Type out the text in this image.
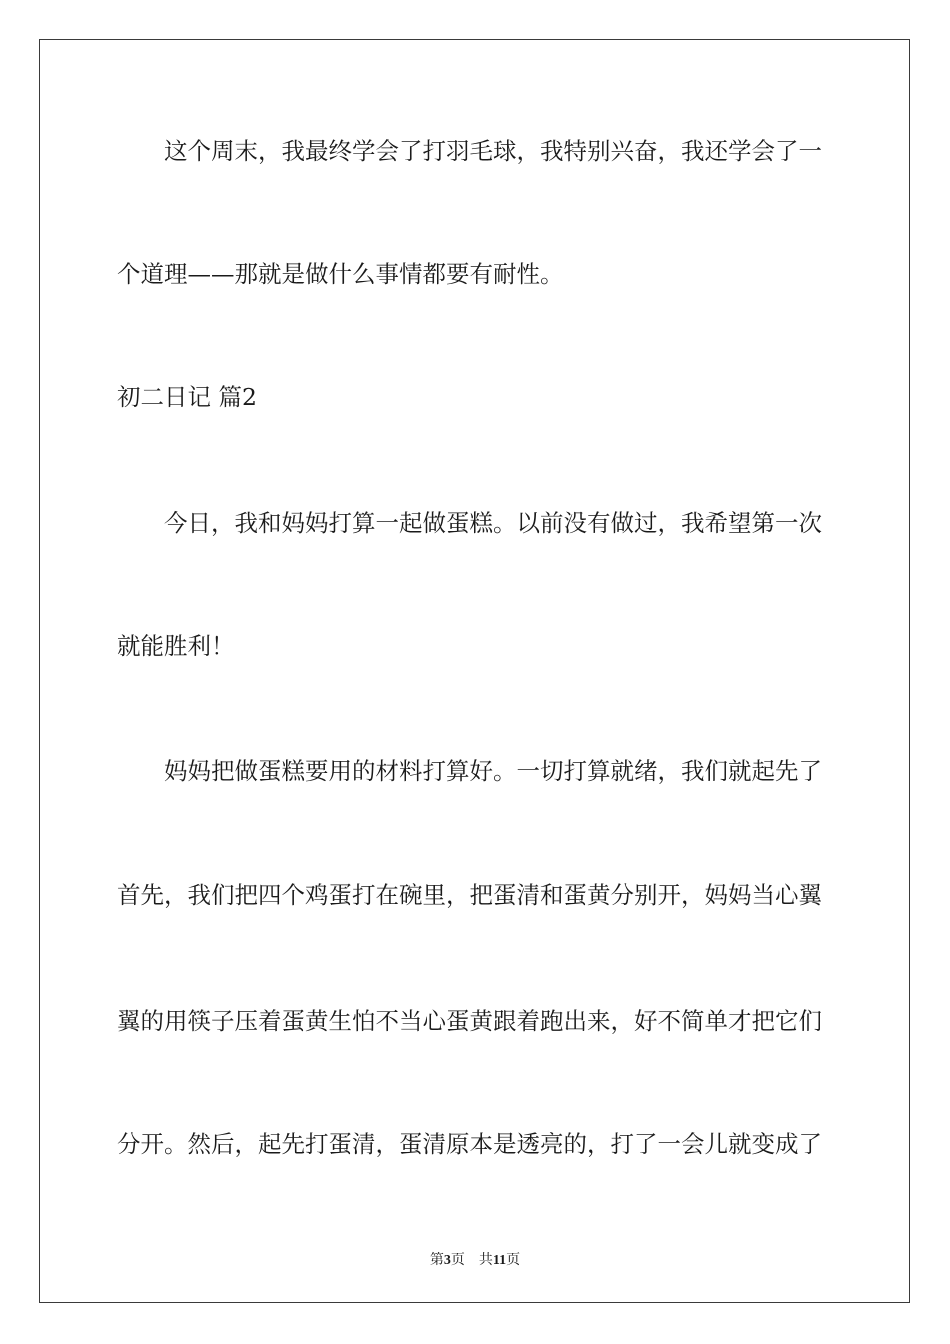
这个周末，我最终学会了打羽毛球，我特别兴奋，我还学会了一
个道理——那就是做什么事情都要有耐性。
初二日记 篇2
今日，我和妈妈打算一起做蛋糕。以前没有做过，我希望第一次
就能胜利！
妈妈把做蛋糕要用的材料打算好。一切打算就绪，我们就起先了
首先，我们把四个鸡蛋打在碗里，把蛋清和蛋黄分别开，妈妈当心翼
翼的用筷子压着蛋黄生怕不当心蛋黄跟着跑出来，好不简单才把它们
分开。然后，起先打蛋清，蛋清原本是透亮的，打了一会儿就变成了
第3页 共11页
